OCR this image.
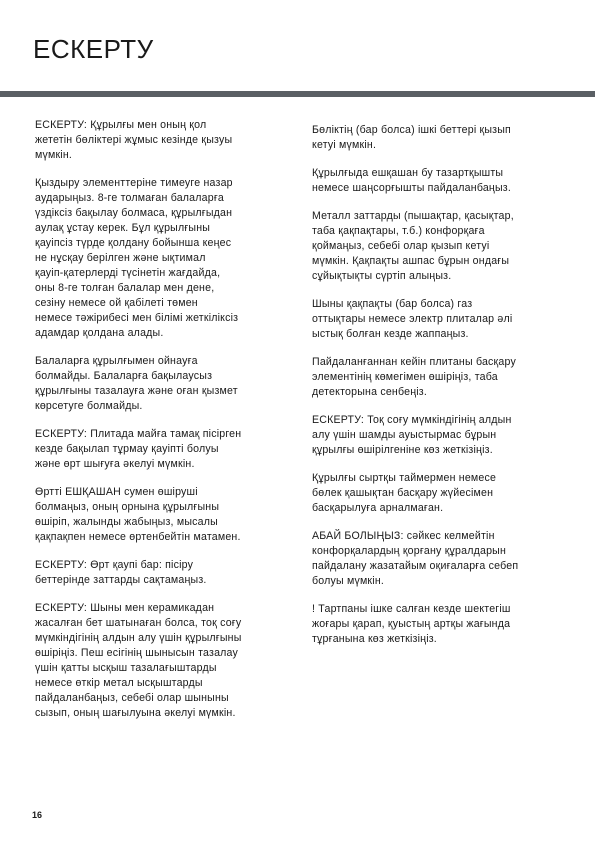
ЕСКЕРТУ

ЕСКЕРТУ: Құрылғы мен оның қол
жететін бөліктері жұмыс кезінде қызуы
мүмкін.

Қыздыру элементтеріне тимеуге назар
аударыңыз. 8-ге толмаған балаларға
үздіксіз бақылау болмаса, құрылғыдан
аулақ ұстау керек. Бұл құрылғыны
қауіпсіз түрде қолдану бойынша кеңес
не нұсқау берілген және ықтимал
қауіп-қатерлерді түсінетін жағдайда,
оны 8-ге толған балалар мен дене,
сезіну немесе ой қабілеті төмен
немесе тәжірибесі мен білімі жеткіліксіз
адамдар қолдана алады.

Балаларға құрылғымен ойнауға
болмайды. Балаларға бақылаусыз
құрылғыны тазалауға және оған қызмет
көрсетуге болмайды.

ЕСКЕРТУ: Плитада майға тамақ пісірген
кезде бақылап тұрмау қауіпті болуы
және өрт шығуға әкелуі мүмкін.

Өртті ЕШҚАШАН сумен өшіруші
болмаңыз, оның орнына құрылғыны
өшіріп, жалынды жабыңыз, мысалы
қақпақпен немесе өртенбейтін матамен.

ЕСКЕРТУ: Өрт қаупі бар: пісіру
беттерінде заттарды сақтамаңыз.

ЕСКЕРТУ: Шыны мен керамикадан
жасалған бет шатынаған болса, тоқ соғу
мүмкіндігінің алдын алу үшін құрылғыны
өшіріңіз. Пеш есігінің шынысын тазалау
үшін қатты ысқыш тазалағыштарды
немесе өткір метал ысқыштарды
пайдаланбаңыз, себебі олар шыныны
сызып, оның шағылуына әкелуі мүмкін.

Бөліктің (бар болса) ішкі беттері қызып
кетуі мүмкін.

Құрылғыда ешқашан бу тазартқышты
немесе шаңсорғышты пайдаланбаңыз.

Металл заттарды (пышақтар, қасықтар,
таба қақпақтары, т.б.) конфорқаға
қоймаңыз, себебі олар қызып кетуі
мүмкін. Қақпақты ашпас бұрын ондағы
сұйықтықты сүртіп алыңыз.

Шыны қақпақты (бар болса) газ
оттықтары немесе электр плиталар әлі
ыстық болған кезде жаппаңыз.

Пайдаланғаннан кейін плитаны басқару
элементінің көмегімен өшіріңіз, таба
детекторына сенбеңіз.

ЕСКЕРТУ: Тоқ соғу мүмкіндігінің алдын
алу үшін шамды ауыстырмас бұрын
құрылғы өшірілгеніне көз жеткізіңіз.

Құрылғы сыртқы таймермен немесе
бөлек қашықтан басқару жүйесімен
басқарылуға арналмаған.

АБАЙ БОЛЫҢЫЗ: сәйкес келмейтін
конфорқалардың қорғану құралдарын
пайдалану жазатайым оқиғаларға себеп
болуы мүмкін.

! Тартпаны ішке салған кезде шектегіш
жоғары қарап, қуыстың артқы жағында
тұрғанына көз жеткізіңіз.

16
